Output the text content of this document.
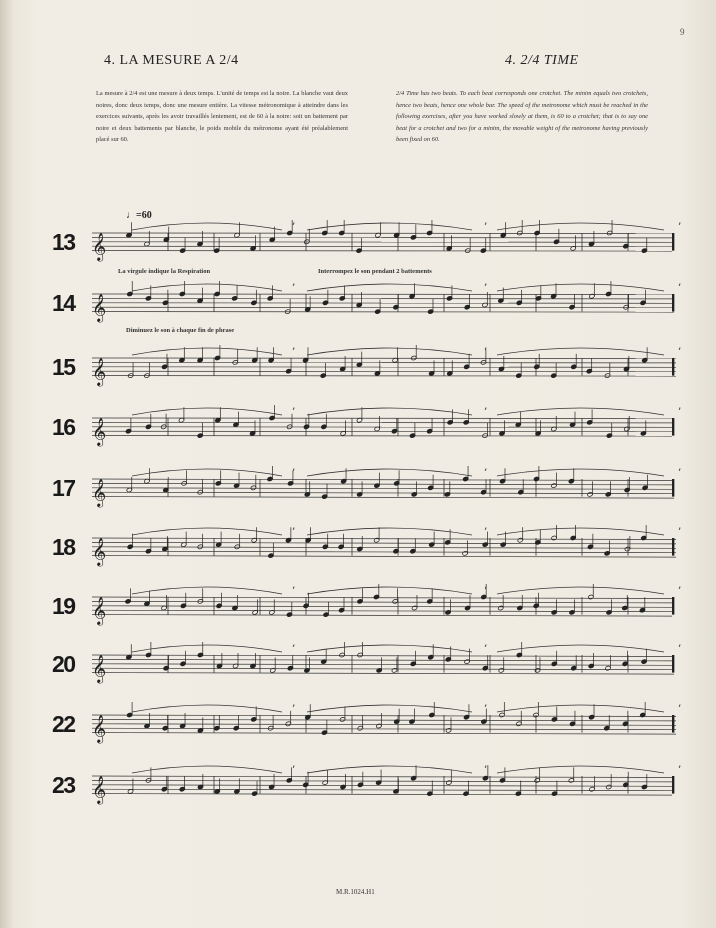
9
4. LA MESURE A 2/4	4. 2/4 TIME
La mesure à 2/4 est une mesure à deux temps. L'unité de temps est la noire. La blanche vaut deux noires, donc deux temps, donc une mesure entière. La vitesse métronomique à atteindre dans les exercices suivants, après les avoir travaillés lentement, est de 60 à la noire: soit un battement par noire et deux battements par blanche, le poids mobile du métronome ayant été préalablement placé sur 60.
2/4 Time has two beats. To each beat corresponds one crotchet. The minim equals two crotchets, hence two beats, hence one whole bar. The speed of the metronome which must be reached in the following exercises, after you have worked slowly at them, is 60 to a crotchet; that is to say one beat for a crotchet and two for a minim, the movable weight of the metronome having previously been fixed on 60.
♩=60
𝄞
’	’	’
𝄞
’	’	’
𝄞
’	’	’
𝄞
’	’	’
𝄞
’	’	’
𝄞
’	’	’
𝄞
’	’	’
𝄞
’	’	’
𝄞
’	’	’
𝄞
’	’	’
13
14
15
16
17
18
19
20
22
23
La virgule indique la Respiration	Interrompez le son pendant 2 battements
Diminuez le son à chaque fin de phrase
M.R.1024.H1
